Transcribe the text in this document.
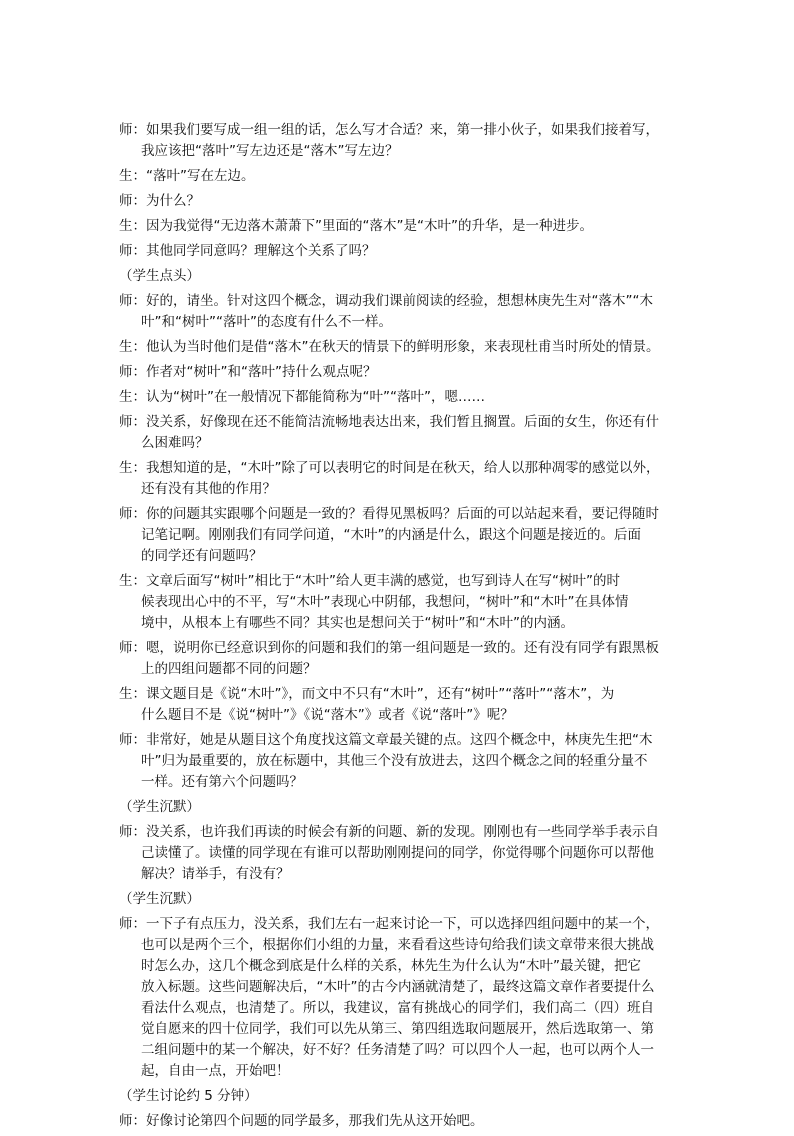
师：如果我们要写成一组一组的话，怎么写才合适？来，第一排小伙子，如果我们接着写，
我应该把“落叶”写左边还是“落木”写左边？
生：“落叶”写在左边。
师：为什么？
生：因为我觉得“无边落木萧萧下”里面的“落木”是“木叶”的升华，是一种进步。
师：其他同学同意吗？理解这个关系了吗？
（学生点头）
师：好的，请坐。针对这四个概念，调动我们课前阅读的经验，想想林庚先生对“落木”“木
叶”和“树叶”“落叶”的态度有什么不一样。
生：他认为当时他们是借“落木”在秋天的情景下的鲜明形象，来表现杜甫当时所处的情景。
师：作者对“树叶”和“落叶”持什么观点呢？
生：认为“树叶”在一般情况下都能简称为“叶”“落叶”，嗯……
师：没关系，好像现在还不能简洁流畅地表达出来，我们暂且搁置。后面的女生，你还有什
么困难吗？
生：我想知道的是，“木叶”除了可以表明它的时间是在秋天，给人以那种凋零的感觉以外，
还有没有其他的作用？
师：你的问题其实跟哪个问题是一致的？看得见黑板吗？后面的可以站起来看，要记得随时
记笔记啊。刚刚我们有同学问道，“木叶”的内涵是什么，跟这个问题是接近的。后面
的同学还有问题吗？
生：文章后面写“树叶”相比于“木叶”给人更丰满的感觉，也写到诗人在写“树叶”的时
候表现出心中的不平，写“木叶”表现心中阴郁，我想问，“树叶”和“木叶”在具体情
境中，从根本上有哪些不同？其实也是想问关于“树叶”和“木叶”的内涵。
师：嗯，说明你已经意识到你的问题和我们的第一组问题是一致的。还有没有同学有跟黑板
上的四组问题都不同的问题？
生：课文题目是《说“木叶”》，而文中不只有“木叶”，还有“树叶”“落叶”“落木”，为
什么题目不是《说“树叶”》《说“落木”》或者《说“落叶”》呢？
师：非常好，她是从题目这个角度找这篇文章最关键的点。这四个概念中，林庚先生把“木
叶”归为最重要的，放在标题中，其他三个没有放进去，这四个概念之间的轻重分量不
一样。还有第六个问题吗？
（学生沉默）
师：没关系，也许我们再读的时候会有新的问题、新的发现。刚刚也有一些同学举手表示自
己读懂了。读懂的同学现在有谁可以帮助刚刚提问的同学，你觉得哪个问题你可以帮他
解决？请举手，有没有？
（学生沉默）
师：一下子有点压力，没关系，我们左右一起来讨论一下，可以选择四组问题中的某一个，
也可以是两个三个，根据你们小组的力量，来看看这些诗句给我们读文章带来很大挑战
时怎么办，这几个概念到底是什么样的关系，林先生为什么认为“木叶”最关键，把它
放入标题。这些问题解决后，“木叶”的古今内涵就清楚了，最终这篇文章作者要提什么
看法什么观点，也清楚了。所以，我建议，富有挑战心的同学们，我们高二（四）班自
觉自愿来的四十位同学，我们可以先从第三、第四组选取问题展开，然后选取第一、第
二组问题中的某一个解决，好不好？任务清楚了吗？可以四个人一起，也可以两个人一
起，自由一点，开始吧！
（学生讨论约 5 分钟）
师：好像讨论第四个问题的同学最多，那我们先从这开始吧。
